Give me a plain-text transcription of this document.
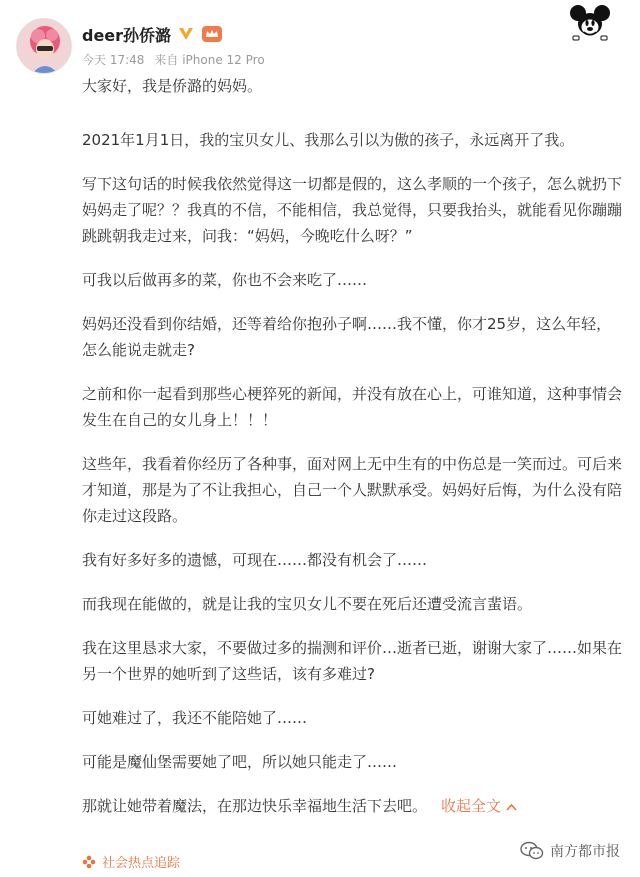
deer孙侨潞
今天 17:48 来自 iPhone 12 Pro

大家好，我是侨潞的妈妈。

2021年1月1日，我的宝贝女儿、我那么引以为傲的孩子，永远离开了我。

写下这句话的时候我依然觉得这一切都是假的，这么孝顺的一个孩子，怎么就扔下妈妈走了呢？？我真的不信，不能相信，我总觉得，只要我抬头，就能看见你蹦蹦跳跳朝我走过来，问我：“妈妈，今晚吃什么呀？”

可我以后做再多的菜，你也不会来吃了……

妈妈还没看到你结婚，还等着给你抱孙子啊……我不懂，你才25岁，这么年轻，怎么能说走就走?

之前和你一起看到那些心梗猝死的新闻，并没有放在心上，可谁知道，这种事情会发生在自己的女儿身上！！！

这些年，我看着你经历了各种事，面对网上无中生有的中伤总是一笑而过。可后来才知道，那是为了不让我担心，自己一个人默默承受。妈妈好后悔，为什么没有陪你走过这段路。

我有好多好多的遗憾，可现在……都没有机会了……

而我现在能做的，就是让我的宝贝女儿不要在死后还遭受流言蜚语。

我在这里恳求大家，不要做过多的揣测和评价…逝者已逝，谢谢大家了……如果在另一个世界的她听到了这些话，该有多难过?

可她难过了，我还不能陪她了……

可能是魔仙堡需要她了吧，所以她只能走了……

那就让她带着魔法，在那边快乐幸福地生活下去吧。 收起全文

社会热点追踪
南方都市报
